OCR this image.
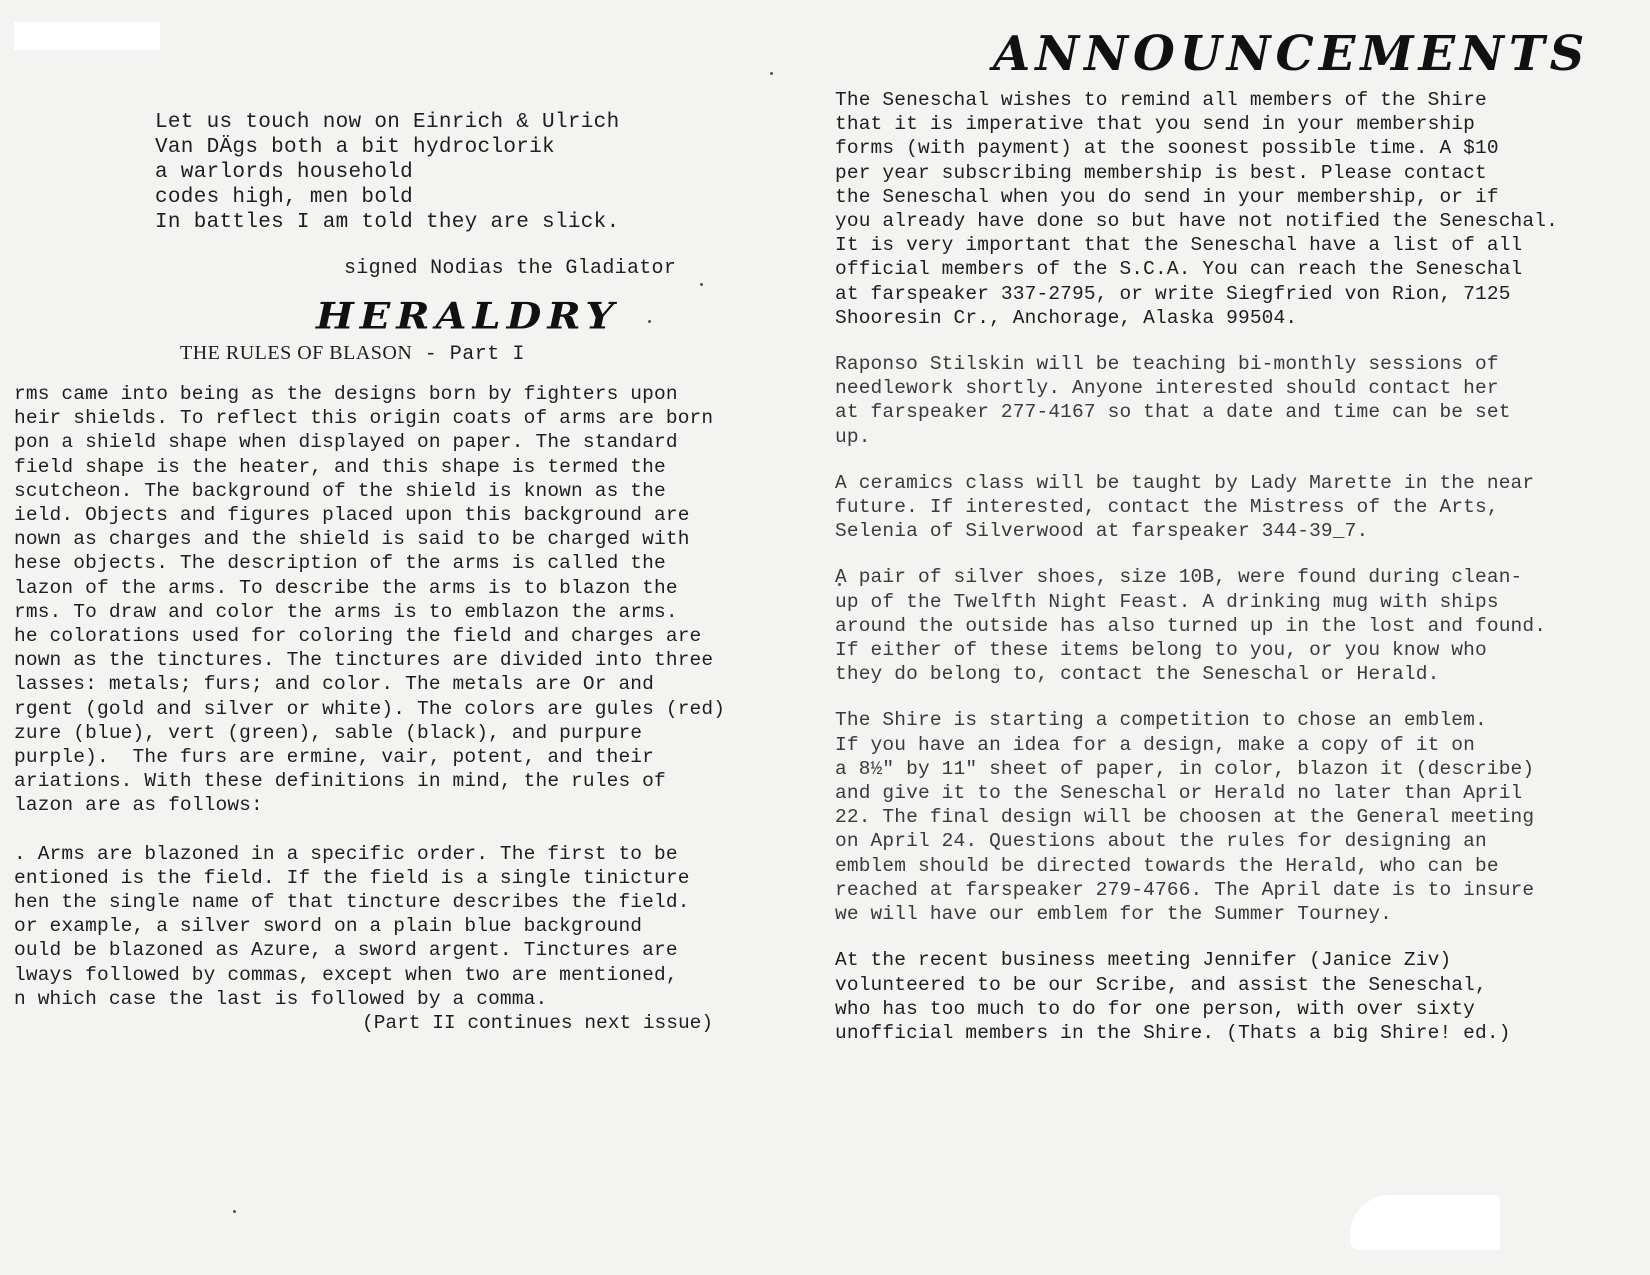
Let us touch now on Einrich & Ulrich
Van DÄgs both a bit hydroclorik
a warlords household
codes high, men bold
In battles I am told they are slick.
signed Nodias the Gladiator
HERALDRY
THE RULES OF BLASON - Part I
rms came into being as the designs born by fighters upon
heir shields. To reflect this origin coats of arms are born
pon a shield shape when displayed on paper. The standard
field shape is the heater, and this shape is termed the
scutcheon. The background of the shield is known as the
ield. Objects and figures placed upon this background are
nown as charges and the shield is said to be charged with
hese objects. The description of the arms is called the
lazon of the arms. To describe the arms is to blazon the
rms. To draw and color the arms is to emblazon the arms.
he colorations used for coloring the field and charges are
nown as the tinctures. The tinctures are divided into three
lasses: metals; furs; and color. The metals are Or and
rgent (gold and silver or white). The colors are gules (red)
zure (blue), vert (green), sable (black), and purpure
purple).  The furs are ermine, vair, potent, and their
ariations. With these definitions in mind, the rules of
lazon are as follows:
. Arms are blazoned in a specific order. The first to be
entioned is the field. If the field is a single tinicture
hen the single name of that tincture describes the field.
or example, a silver sword on a plain blue background
ould be blazoned as Azure, a sword argent. Tinctures are
lways followed by commas, except when two are mentioned,
n which case the last is followed by a comma.
(Part II continues next issue)
ANNOUNCEMENTS
The Seneschal wishes to remind all members of the Shire
that it is imperative that you send in your membership
forms (with payment) at the soonest possible time. A $10
per year subscribing membership is best. Please contact
the Seneschal when you do send in your membership, or if
you already have done so but have not notified the Seneschal.
It is very important that the Seneschal have a list of all
official members of the S.C.A. You can reach the Seneschal
at farspeaker 337-2795, or write Siegfried von Rion, 7125
Shooresin Cr., Anchorage, Alaska 99504.
Raponso Stilskin will be teaching bi-monthly sessions of
needlework shortly. Anyone interested should contact her
at farspeaker 277-4167 so that a date and time can be set
up.
A ceramics class will be taught by Lady Marette in the near
future. If interested, contact the Mistress of the Arts,
Selenia of Silverwood at farspeaker 344-39_7.
A pair of silver shoes, size 10B, were found during clean-
up of the Twelfth Night Feast. A drinking mug with ships
around the outside has also turned up in the lost and found.
If either of these items belong to you, or you know who
they do belong to, contact the Seneschal or Herald.
The Shire is starting a competition to chose an emblem.
If you have an idea for a design, make a copy of it on
a 8½" by 11" sheet of paper, in color, blazon it (describe)
and give it to the Seneschal or Herald no later than April
22. The final design will be choosen at the General meeting
on April 24. Questions about the rules for designing an
emblem should be directed towards the Herald, who can be
reached at farspeaker 279-4766. The April date is to insure
we will have our emblem for the Summer Tourney.
At the recent business meeting Jennifer (Janice Ziv)
volunteered to be our Scribe, and assist the Seneschal,
who has too much to do for one person, with over sixty
unofficial members in the Shire. (Thats a big Shire! ed.)
